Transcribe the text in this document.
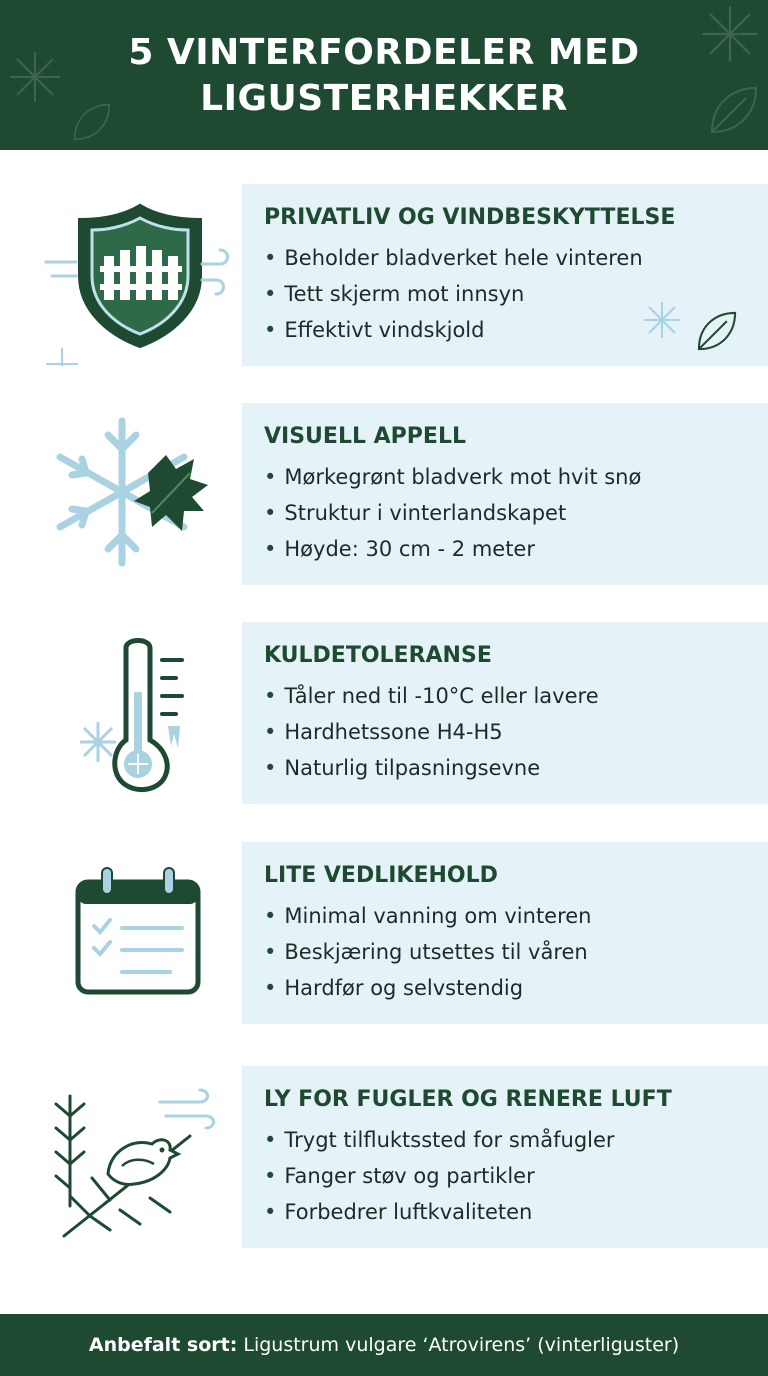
5 VINTERFORDELER MED
LIGUSTERHEKKER
PRIVATLIV OG VINDBESKYTTELSE
• Beholder bladverket hele vinteren
• Tett skjerm mot innsyn
• Effektivt vindskjold
VISUELL APPELL
• Mørkegrønt bladverk mot hvit snø
• Struktur i vinterlandskapet
• Høyde: 30 cm - 2 meter
KULDETOLERANSE
• Tåler ned til -10°C eller lavere
• Hardhetssone H4-H5
• Naturlig tilpasningsevne
LITE VEDLIKEHOLD
• Minimal vanning om vinteren
• Beskjæring utsettes til våren
• Hardfør og selvstendig
LY FOR FUGLER OG RENERE LUFT
• Trygt tilfluktssted for småfugler
• Fanger støv og partikler
• Forbedrer luftkvaliteten
Anbefalt sort: Ligustrum vulgare ‘Atrovirens’ (vinterliguster)
